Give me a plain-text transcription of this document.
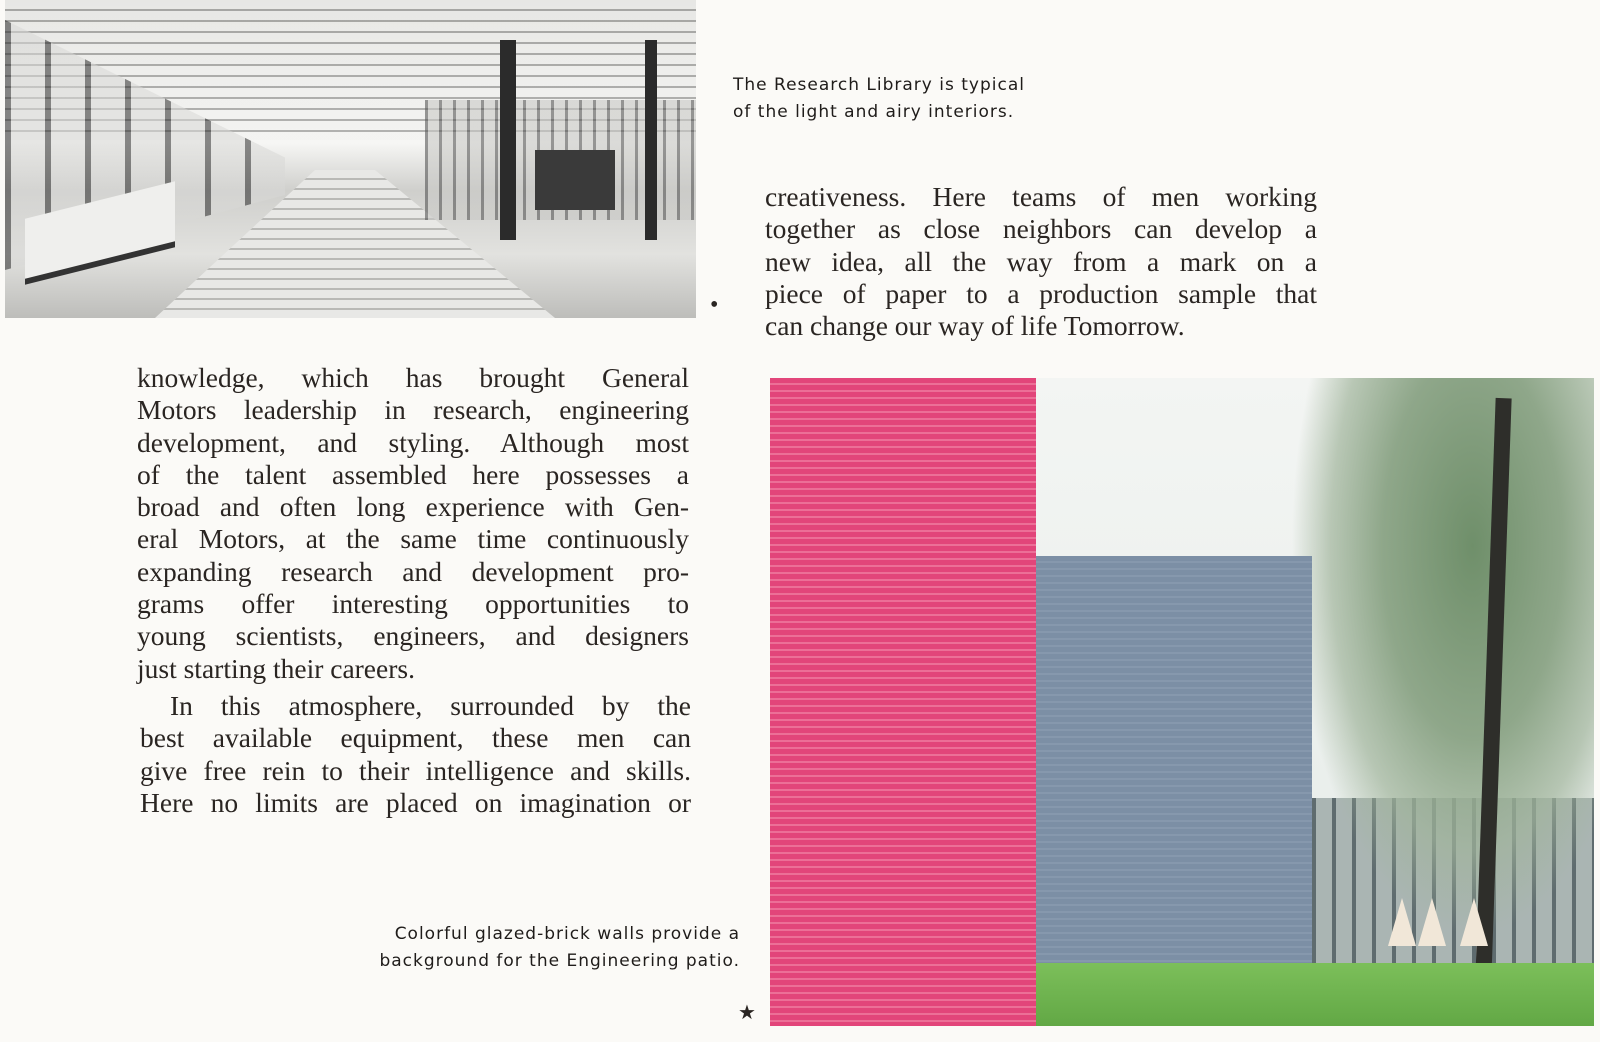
The Research Library is typical
of the light and airy interiors.
creativeness. Here teams of men working
together as close neighbors can develop a
new idea, all the way from a mark on a
piece of paper to a production sample that
can change our way of life Tomorrow.
•
knowledge, which has brought General
Motors leadership in research, engineering
development, and styling. Although most
of the talent assembled here possesses a
broad and often long experience with Gen-
eral Motors, at the same time continuously
expanding research and development pro-
grams offer interesting opportunities to
young scientists, engineers, and designers
just starting their careers.
In this atmosphere, surrounded by the
best available equipment, these men can
give free rein to their intelligence and skills.
Here no limits are placed on imagination or
Colorful glazed-brick walls provide a
background for the Engineering patio.
★
